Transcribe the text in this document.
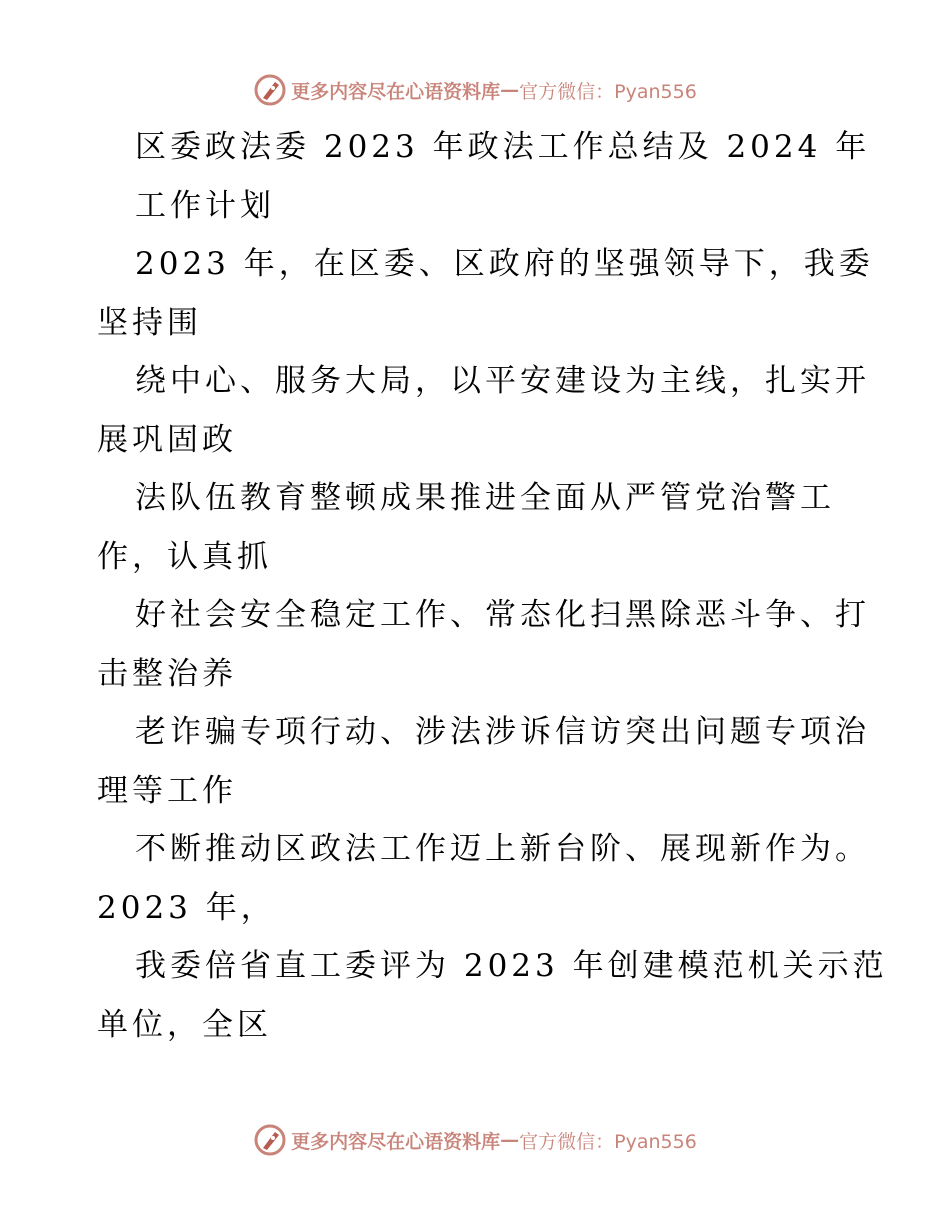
更多内容尽在心语资料库 — 官方微信：Pyan556
区委政法委 2023 年政法工作总结及 2024 年
工作计划
2023 年，在区委、区政府的坚强领导下，我委
坚持围
绕中心、服务大局，以平安建设为主线，扎实开
展巩固政
法队伍教育整顿成果推进全面从严管党治警工
作，认真抓
好社会安全稳定工作、常态化扫黑除恶斗争、打
击整治养
老诈骗专项行动、涉法涉诉信访突出问题专项治
理等工作
不断推动区政法工作迈上新台阶、展现新作为。
2023 年，
我委倍省直工委评为 2023 年创建模范机关示范
单位，全区
更多内容尽在心语资料库 — 官方微信：Pyan556
